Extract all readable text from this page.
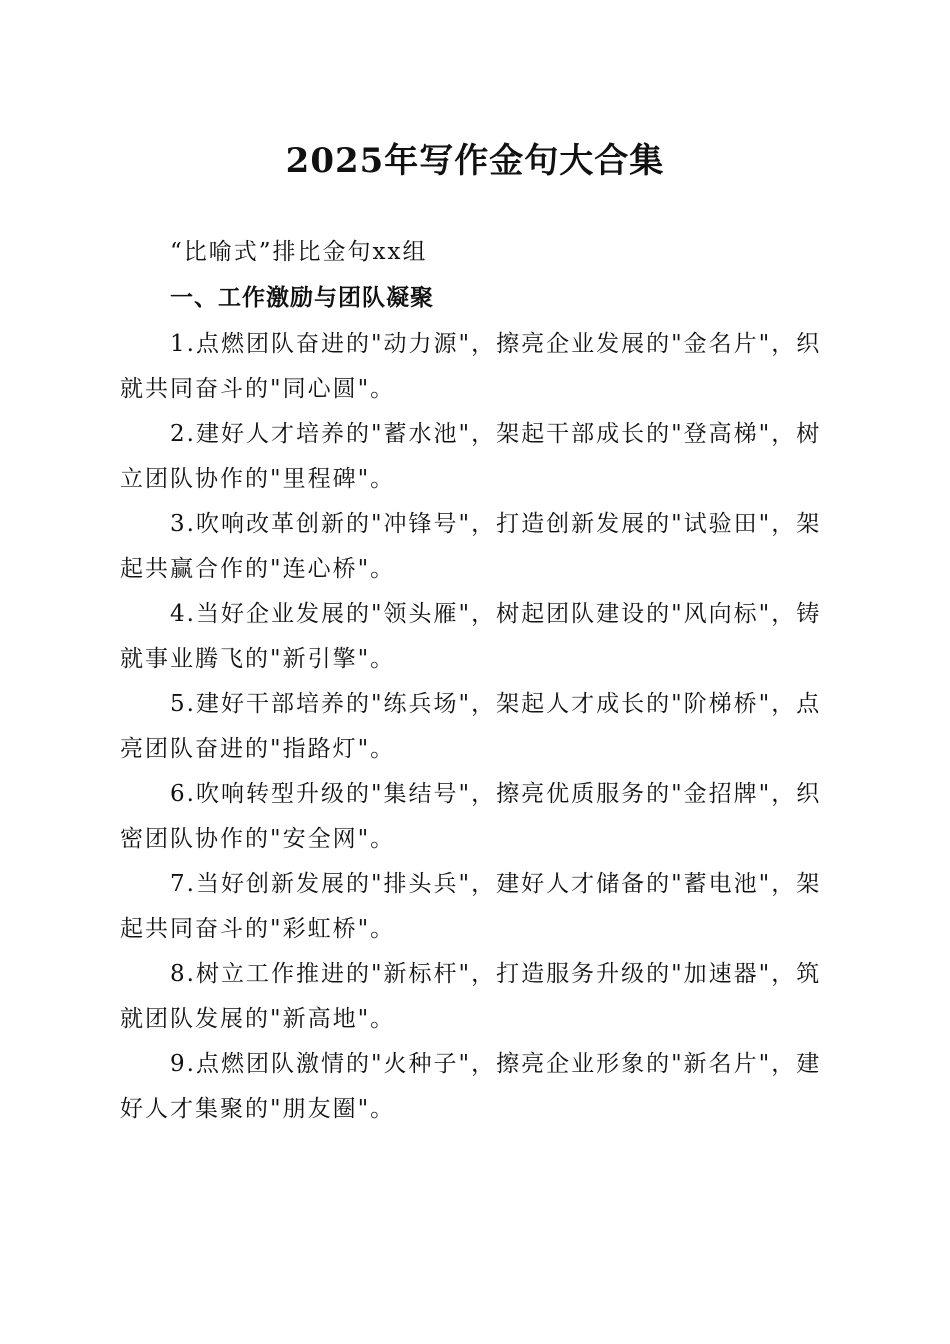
2025年写作金句大合集
“比喻式”排比金句xx组
一、工作激励与团队凝聚

1.点燃团队奋进的"动力源"，擦亮企业发展的"金名片"，织就共同奋斗的"同心圆"。

2.建好人才培养的"蓄水池"，架起干部成长的"登高梯"，树立团队协作的"里程碑"。

3.吹响改革创新的"冲锋号"，打造创新发展的"试验田"，架起共赢合作的"连心桥"。

4.当好企业发展的"领头雁"，树起团队建设的"风向标"，铸就事业腾飞的"新引擎"。

5.建好干部培养的"练兵场"，架起人才成长的"阶梯桥"，点亮团队奋进的"指路灯"。

6.吹响转型升级的"集结号"，擦亮优质服务的"金招牌"，织密团队协作的"安全网"。

7.当好创新发展的"排头兵"，建好人才储备的"蓄电池"，架起共同奋斗的"彩虹桥"。

8.树立工作推进的"新标杆"，打造服务升级的"加速器"，筑就团队发展的"新高地"。

9.点燃团队激情的"火种子"，擦亮企业形象的"新名片"，建好人才集聚的"朋友圈"。
